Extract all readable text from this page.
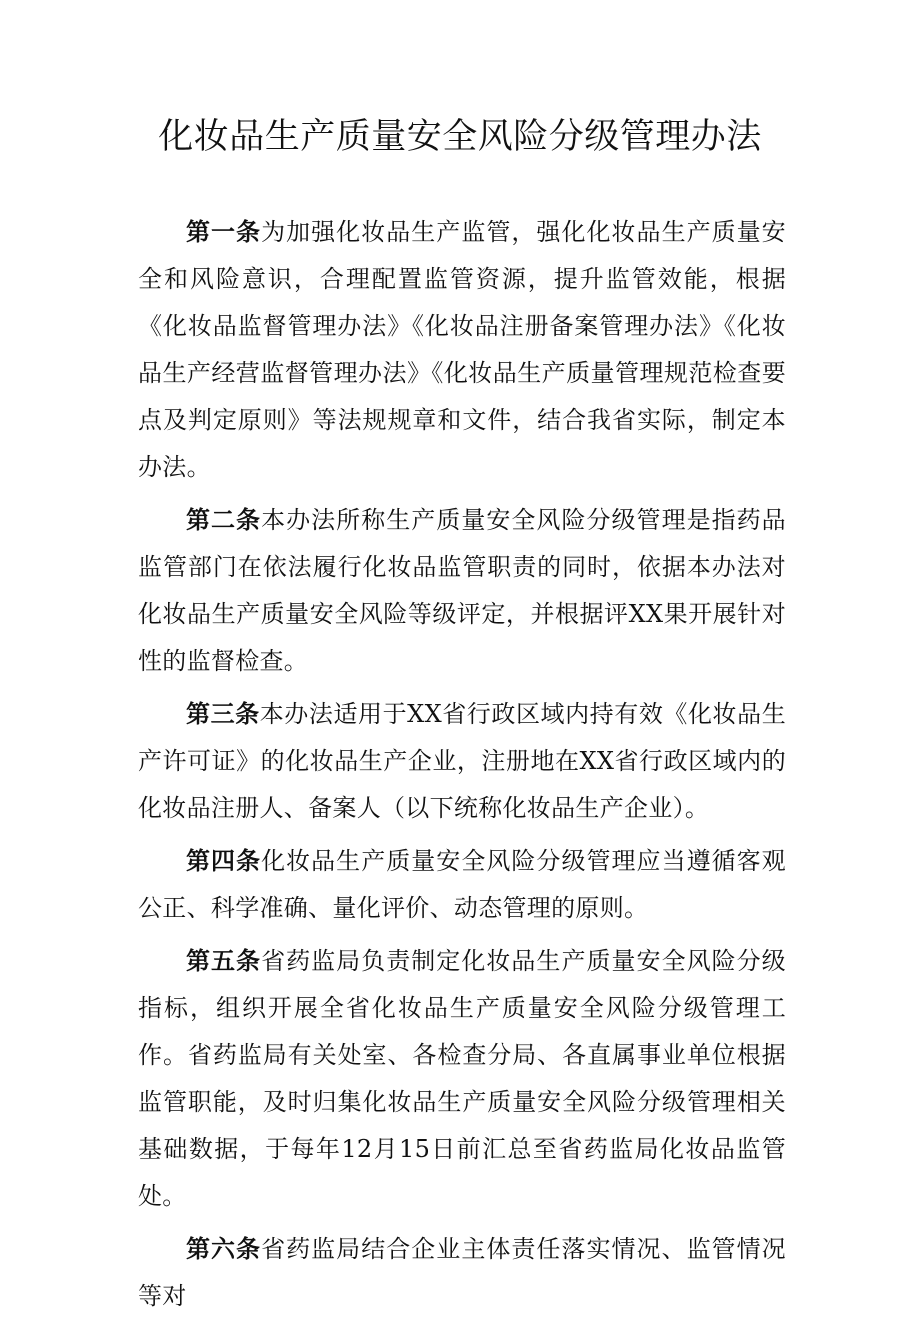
化妆品生产质量安全风险分级管理办法

第一条为加强化妆品生产监管，强化化妆品生产质量安全和风险意识，合理配置监管资源，提升监管效能，根据《化妆品监督管理办法》《化妆品注册备案管理办法》《化妆品生产经营监督管理办法》《化妆品生产质量管理规范检查要点及判定原则》等法规规章和文件，结合我省实际，制定本办法。

第二条本办法所称生产质量安全风险分级管理是指药品监管部门在依法履行化妆品监管职责的同时，依据本办法对化妆品生产质量安全风险等级评定，并根据评XX果开展针对性的监督检查。

第三条本办法适用于XX省行政区域内持有效《化妆品生产许可证》的化妆品生产企业，注册地在XX省行政区域内的化妆品注册人、备案人（以下统称化妆品生产企业）。

第四条化妆品生产质量安全风险分级管理应当遵循客观公正、科学准确、量化评价、动态管理的原则。

第五条省药监局负责制定化妆品生产质量安全风险分级指标，组织开展全省化妆品生产质量安全风险分级管理工作。省药监局有关处室、各检查分局、各直属事业单位根据监管职能，及时归集化妆品生产质量安全风险分级管理相关基础数据，于每年12月15日前汇总至省药监局化妆品监管处。

第六条省药监局结合企业主体责任落实情况、监管情况等对
